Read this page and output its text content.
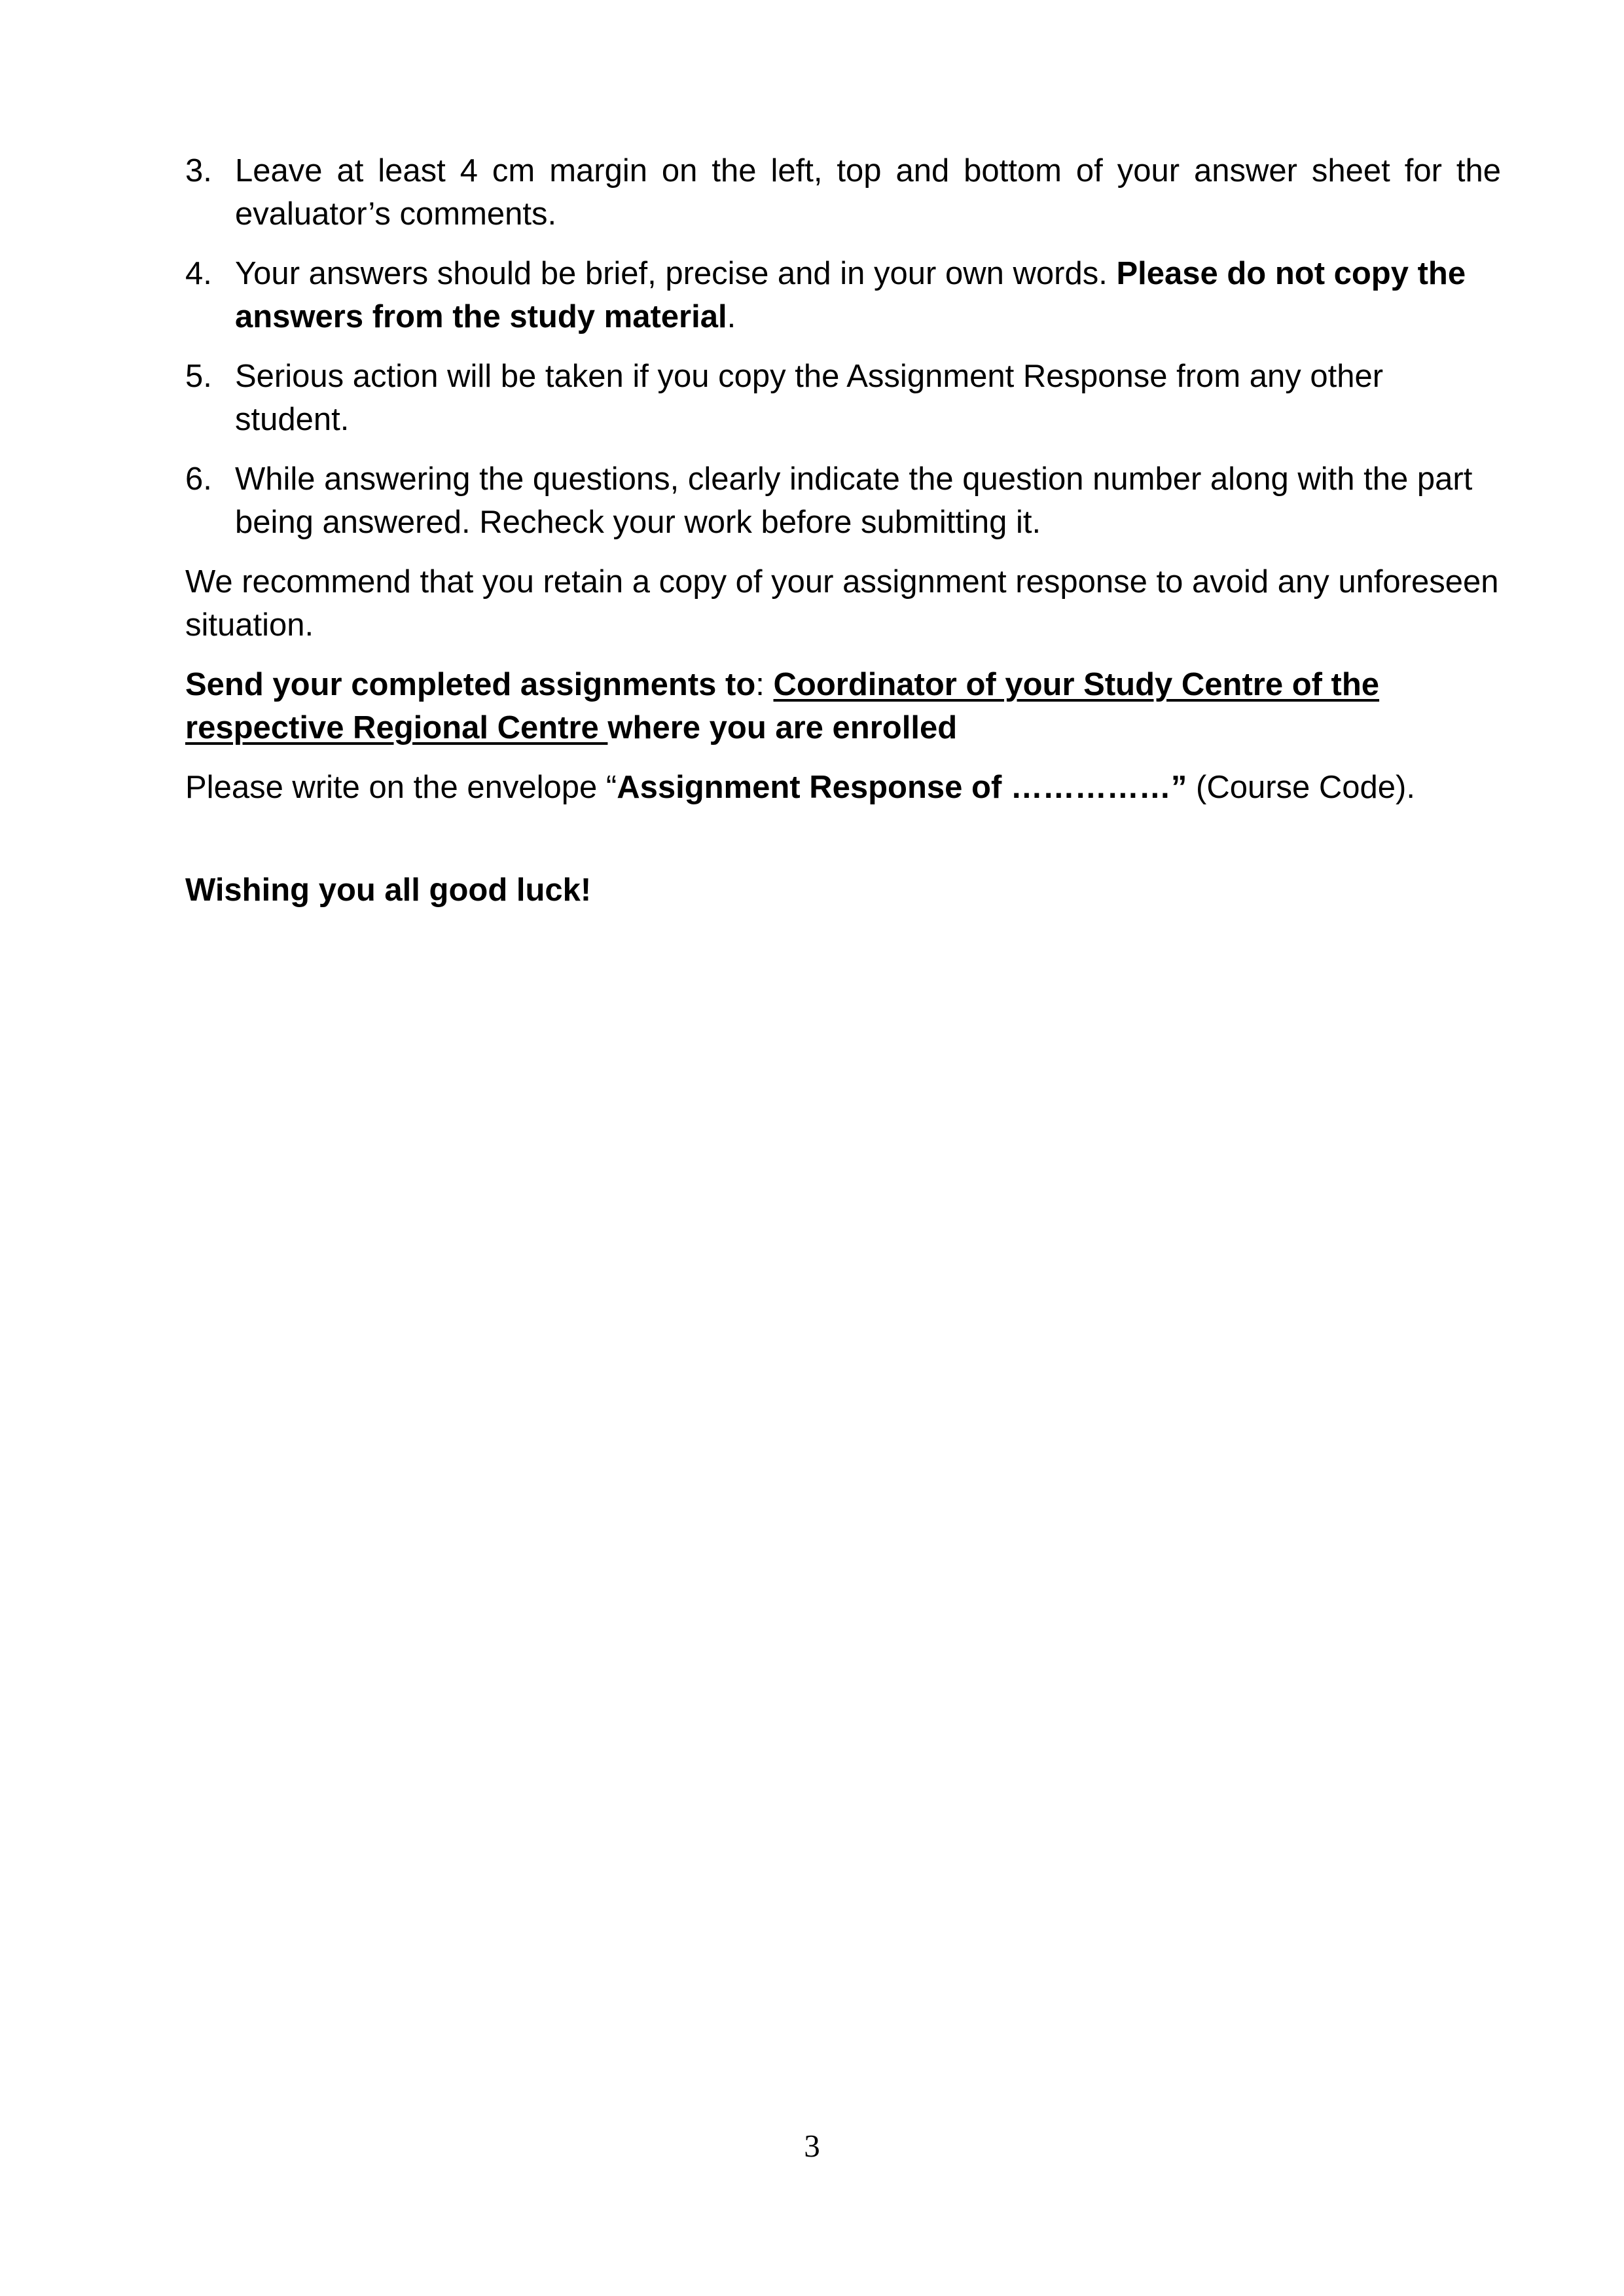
3. Leave at least 4 cm margin on the left, top and bottom of your answer sheet for the evaluator’s comments.
4. Your answers should be brief, precise and in your own words. Please do not copy the answers from the study material.
5. Serious action will be taken if you copy the Assignment Response from any other student.
6. While answering the questions, clearly indicate the question number along with the part being answered. Recheck your work before submitting it.

We recommend that you retain a copy of your assignment response to avoid any unforeseen situation.

Send your completed assignments to: Coordinator of your Study Centre of the respective Regional Centre where you are enrolled

Please write on the envelope “Assignment Response of ……………” (Course Code).

Wishing you all good luck!

3
